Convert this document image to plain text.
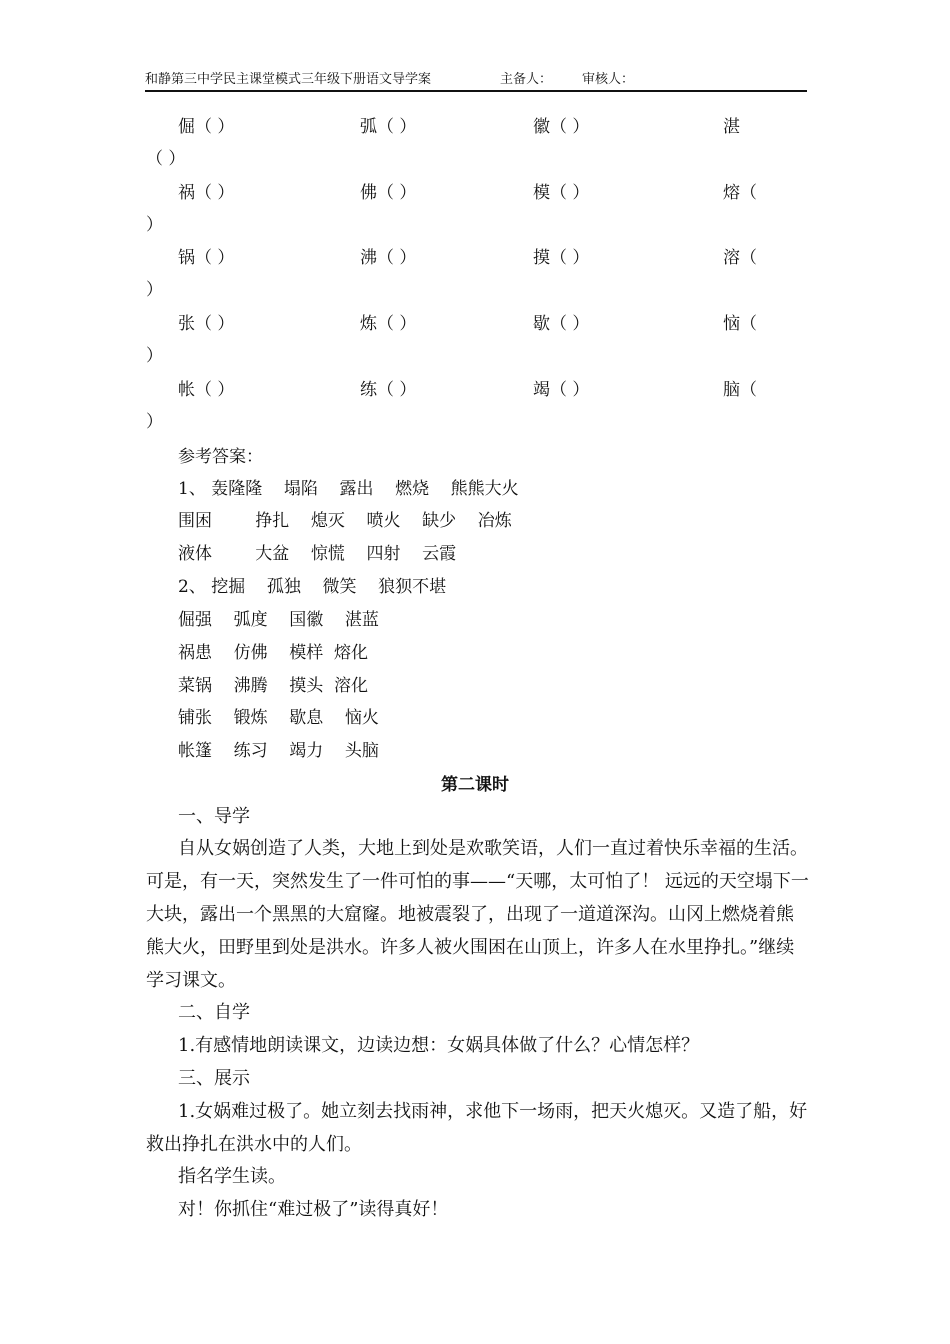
和静第三中学民主课堂模式三年级下册语文导学案	主备人： 审核人：
倔（ ）	弧（ ）	徽（ ）	湛
（ ）
祸（ ）	佛（ ）	模（ ）	熔（
）
锅（ ）	沸（ ）	摸（ ）	溶（
）
张（ ）	炼（ ）	歇（ ）	恼（
）
帐（ ）	练（ ）	竭（ ）	脑（
）
参考答案：
1、 轰隆隆    塌陷    露出    燃烧    熊熊大火
围困        挣扎    熄灭    喷火    缺少    冶炼
液体        大盆    惊慌    四射    云霞
2、 挖掘    孤独    微笑    狼狈不堪
倔强    弧度    国徽    湛蓝
祸患    仿佛    模样  熔化
菜锅    沸腾    摸头  溶化
铺张    锻炼    歇息    恼火
帐篷    练习    竭力    头脑
第二课时
一、导学

自从女娲创造了人类，大地上到处是欢歌笑语，人们一直过着快乐幸福的生活。可是，有一天，突然发生了一件可怕的事——“天哪，太可怕了！ 远远的天空塌下一大块，露出一个黑黑的大窟窿。地被震裂了，出现了一道道深沟。山冈上燃烧着熊熊大火，田野里到处是洪水。许多人被火围困在山顶上，许多人在水里挣扎。”继续学习课文。

二、自学
1.有感情地朗读课文，边读边想：女娲具体做了什么？心情怎样？
三、展示

1.女娲难过极了。她立刻去找雨神，求他下一场雨，把天火熄灭。又造了船，好救出挣扎在洪水中的人们。

指名学生读。
对！你抓住“难过极了”读得真好！
